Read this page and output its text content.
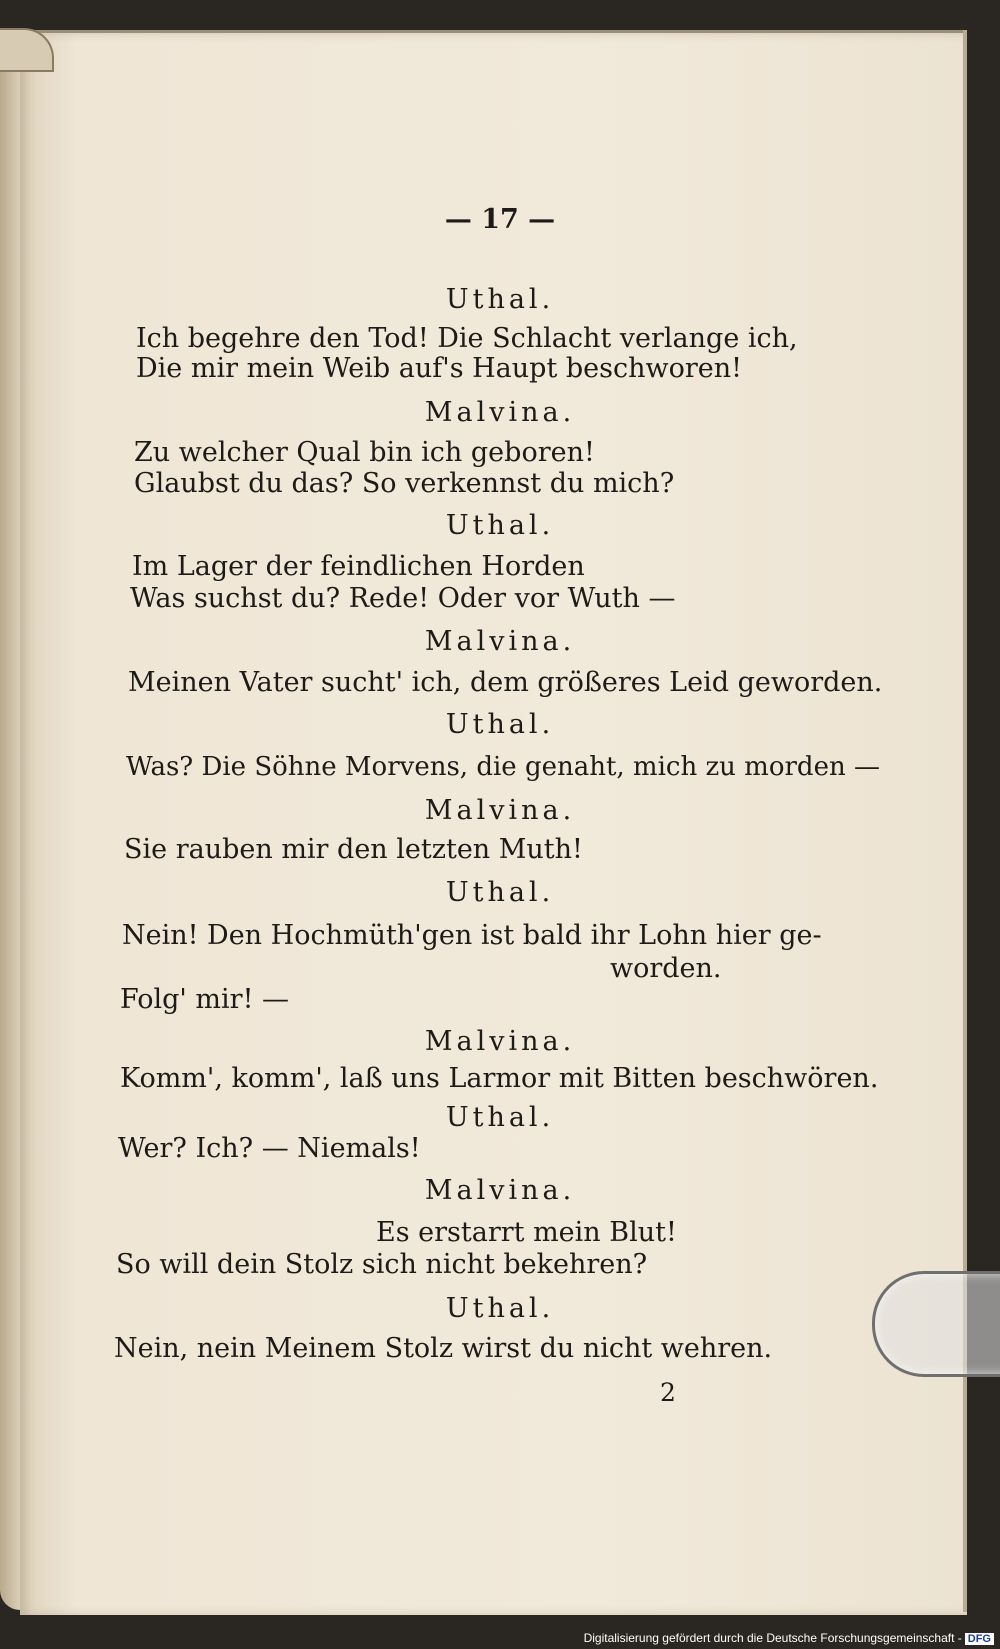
— 17 —
Uthal.
Ich begehre den Tod! Die Schlacht verlange ich,
Die mir mein Weib auf's Haupt beschworen!
Malvina.
Zu welcher Qual bin ich geboren!
Glaubst du das? So verkennst du mich?
Uthal.
Im Lager der feindlichen Horden
Was suchst du? Rede! Oder vor Wuth —
Malvina.
Meinen Vater sucht' ich, dem größeres Leid geworden.
Uthal.
Was? Die Söhne Morvens, die genaht, mich zu morden —
Malvina.
Sie rauben mir den letzten Muth!
Uthal.
Nein! Den Hochmüth'gen ist bald ihr Lohn hier ge-
worden.
Folg' mir! —
Malvina.
Komm', komm', laß uns Larmor mit Bitten beschwören.
Uthal.
Wer? Ich? — Niemals!
Malvina.
Es erstarrt mein Blut!
So will dein Stolz sich nicht bekehren?
Uthal.
Nein, nein Meinem Stolz wirst du nicht wehren.
2
Digitalisierung gefördert durch die Deutsche Forschungsgemeinschaft - DFG
